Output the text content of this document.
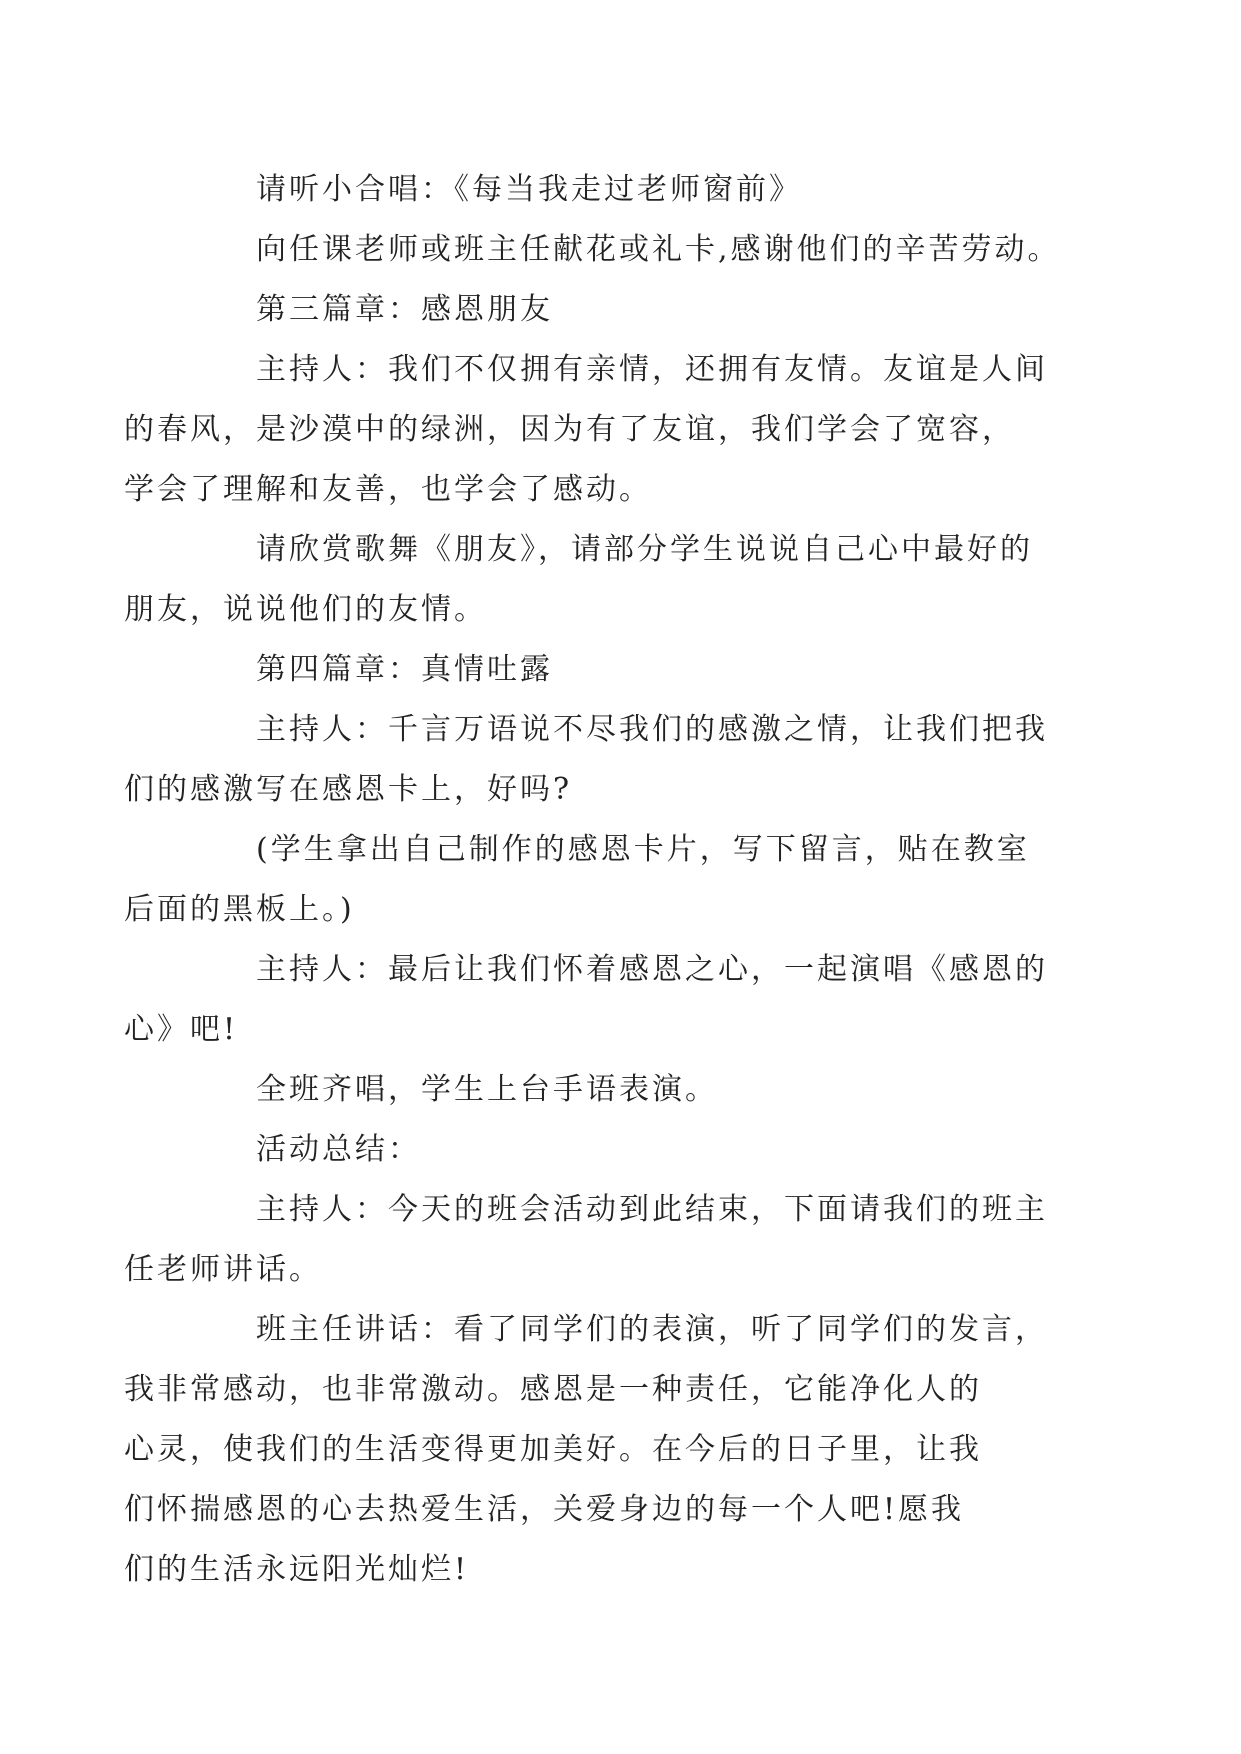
请听小合唱：《每当我走过老师窗前》

向任课老师或班主任献花或礼卡,感谢他们的辛苦劳动。

第三篇章：感恩朋友

主持人：我们不仅拥有亲情，还拥有友情。友谊是人间
的春风，是沙漠中的绿洲，因为有了友谊，我们学会了宽容，
学会了理解和友善，也学会了感动。

请欣赏歌舞《朋友》，请部分学生说说自己心中最好的
朋友，说说他们的友情。

第四篇章：真情吐露

主持人：千言万语说不尽我们的感激之情，让我们把我
们的感激写在感恩卡上，好吗?

(学生拿出自己制作的感恩卡片，写下留言，贴在教室
后面的黑板上。)

主持人：最后让我们怀着感恩之心，一起演唱《感恩的
心》吧!

全班齐唱，学生上台手语表演。

活动总结：

主持人：今天的班会活动到此结束，下面请我们的班主
任老师讲话。

班主任讲话：看了同学们的表演，听了同学们的发言，
我非常感动，也非常激动。感恩是一种责任，它能净化人的
心灵，使我们的生活变得更加美好。在今后的日子里，让我
们怀揣感恩的心去热爱生活，关爱身边的每一个人吧!愿我
们的生活永远阳光灿烂!
